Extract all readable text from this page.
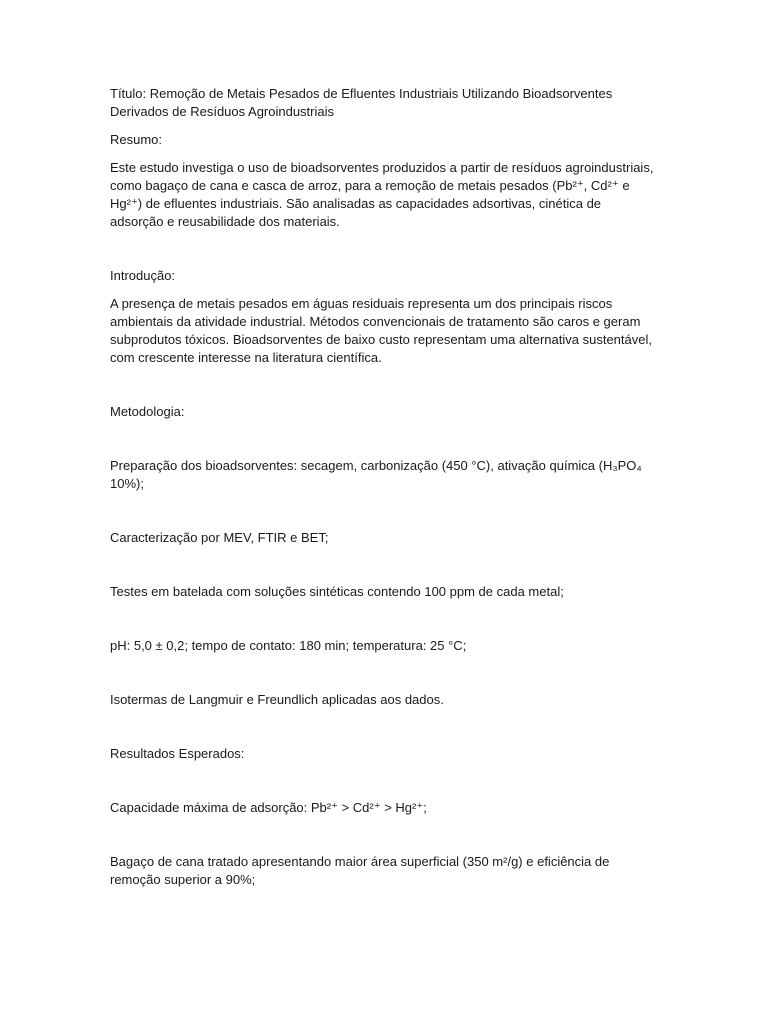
Título: Remoção de Metais Pesados de Efluentes Industriais Utilizando Bioadsorventes Derivados de Resíduos Agroindustriais

Resumo:

Este estudo investiga o uso de bioadsorventes produzidos a partir de resíduos agroindustriais, como bagaço de cana e casca de arroz, para a remoção de metais pesados (Pb²⁺, Cd²⁺ e Hg²⁺) de efluentes industriais. São analisadas as capacidades adsortivas, cinética de adsorção e reusabilidade dos materiais.

Introdução:

A presença de metais pesados em águas residuais representa um dos principais riscos ambientais da atividade industrial. Métodos convencionais de tratamento são caros e geram subprodutos tóxicos. Bioadsorventes de baixo custo representam uma alternativa sustentável, com crescente interesse na literatura científica.

Metodologia:

Preparação dos bioadsorventes: secagem, carbonização (450 °C), ativação química (H₃PO₄ 10%);

Caracterização por MEV, FTIR e BET;

Testes em batelada com soluções sintéticas contendo 100 ppm de cada metal;

pH: 5,0 ± 0,2; tempo de contato: 180 min; temperatura: 25 °C;

Isotermas de Langmuir e Freundlich aplicadas aos dados.

Resultados Esperados:

Capacidade máxima de adsorção: Pb²⁺ > Cd²⁺ > Hg²⁺;

Bagaço de cana tratado apresentando maior área superficial (350 m²/g) e eficiência de remoção superior a 90%;
